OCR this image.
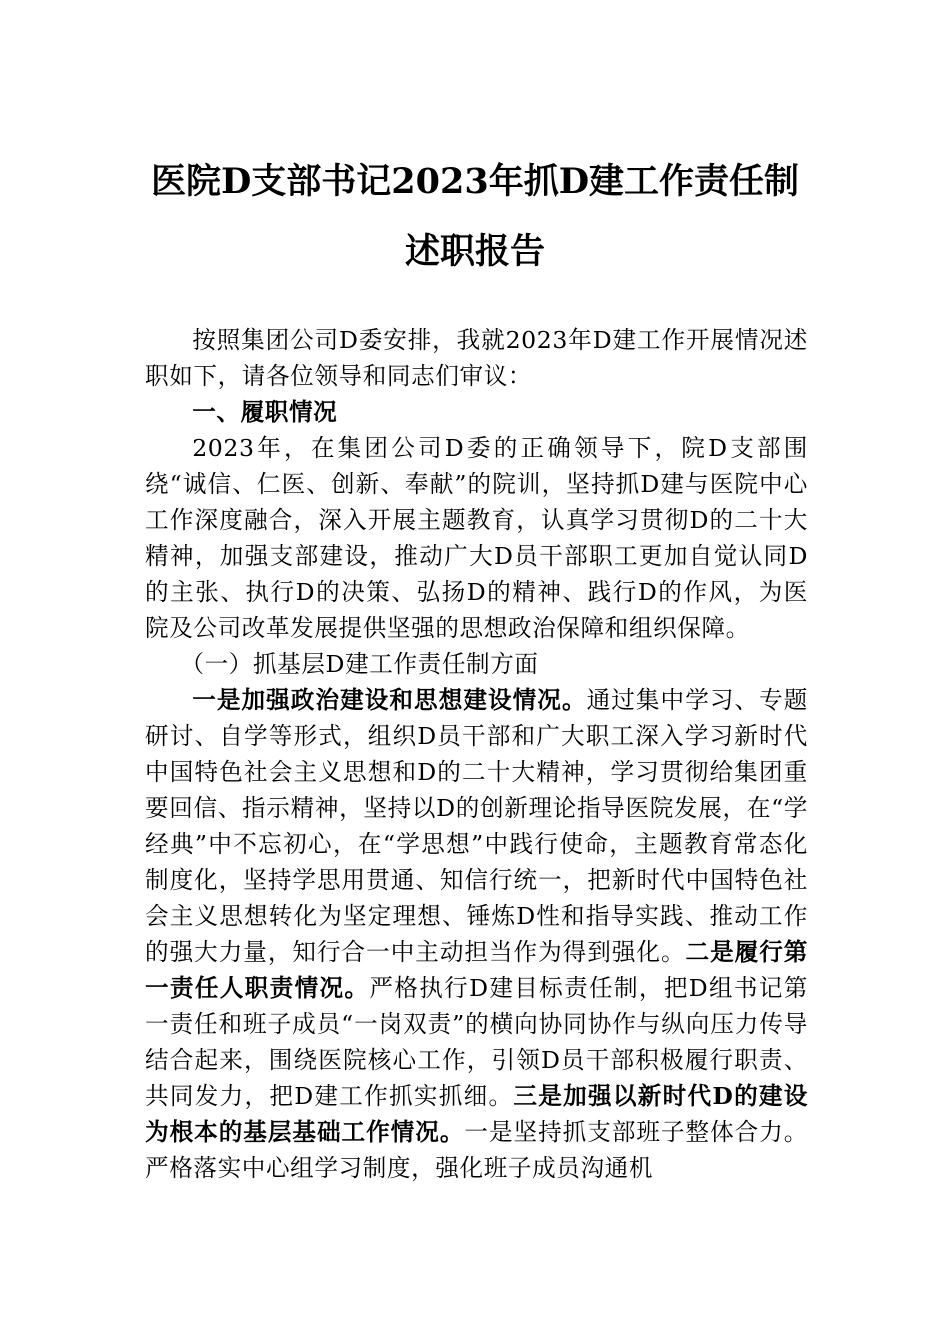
医院D支部书记2023年抓D建工作责任制
述职报告

按照集团公司D委安排，我就2023年D建工作开展情况述职如下，请各位领导和同志们审议：

一、履职情况

2023年，在集团公司D委的正确领导下，院D支部围绕“诚信、仁医、创新、奉献”的院训，坚持抓D建与医院中心工作深度融合，深入开展主题教育，认真学习贯彻D的二十大精神，加强支部建设，推动广大D员干部职工更加自觉认同D的主张、执行D的决策、弘扬D的精神、践行D的作风，为医院及公司改革发展提供坚强的思想政治保障和组织保障。

（一）抓基层D建工作责任制方面

一是加强政治建设和思想建设情况。通过集中学习、专题研讨、自学等形式，组织D员干部和广大职工深入学习新时代中国特色社会主义思想和D的二十大精神，学习贯彻给集团重要回信、指示精神，坚持以D的创新理论指导医院发展，在“学经典”中不忘初心，在“学思想”中践行使命，主题教育常态化制度化，坚持学思用贯通、知信行统一，把新时代中国特色社会主义思想转化为坚定理想、锤炼D性和指导实践、推动工作的强大力量，知行合一中主动担当作为得到强化。二是履行第一责任人职责情况。严格执行D建目标责任制，把D组书记第一责任和班子成员“一岗双责”的横向协同协作与纵向压力传导结合起来，围绕医院核心工作，引领D员干部积极履行职责、共同发力，把D建工作抓实抓细。三是加强以新时代D的建设为根本的基层基础工作情况。一是坚持抓支部班子整体合力。严格落实中心组学习制度，强化班子成员沟通机
